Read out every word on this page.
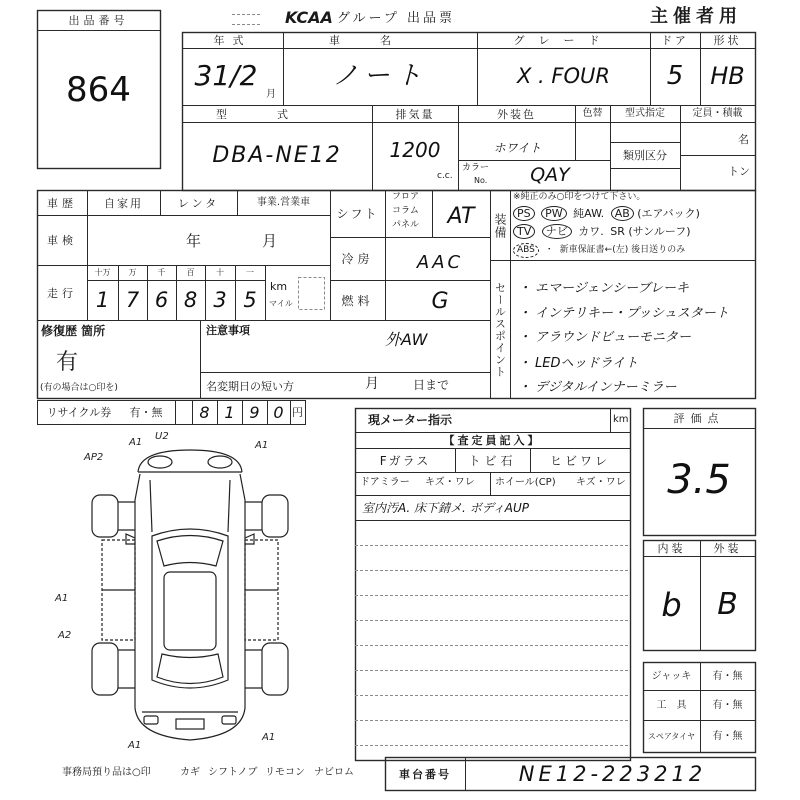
出品番号
864
KCAA グループ 出品票	主催者用
年式	車名	グレード	ドア	形状
31/2
月
ノート	X . FOUR	5	HB
型式	排気量	外装色	色替	型式指定	定員・積載
DBA-NE12	1200
c.c.
ホワイト
カラー
No.	QAY
類別区分
名
トン
車歴	自家用	レンタ	事業.営業車
車検	年	月
走行
十万	万	千	百	十	一
1 7 6 8 3 5
km
マイル
シフト
フロア
コラム
パネル	AT
冷房	AAC
燃料	G
装備
※純正のみ○印をつけて下さい。
PS PW 純AW. AB (エアバック)
TV ナビ カワ. SR (サンルーフ)
ABS ・ 新車保証書←(左) 後日送りのみ
セールスポイント
・	エマージェンシーブレーキ
・ インテリキー・プッシュスタート
・ アラウンドビューモニター
・ LEDヘッドライト
・ デジタルインナーミラー
修復歴 箇所
有
(有の場合は○印を)
注意事項	外AW
名変期日の短い方	月	日まで
リサイクル券	有・無	8 1 9 0 円
現メーター指示	km
【査定員記入】
Fガラス	トビ石	ヒビワレ
ドアミラー キズ・ワレ ホイール(CP) キズ・ワレ
室内汚A. 床下錆メ. ボディAUP
評価点
3.5
内装	外装
b	B
ジャッキ	有・無
工　具	有・無
スペアタイヤ	有・無
事務局預り品は○印	カギ シフトノブ リモコン ナビロム	車台番号	NE12-223212
AP2
A1
U2
A1
A1
A2
A1
A1
